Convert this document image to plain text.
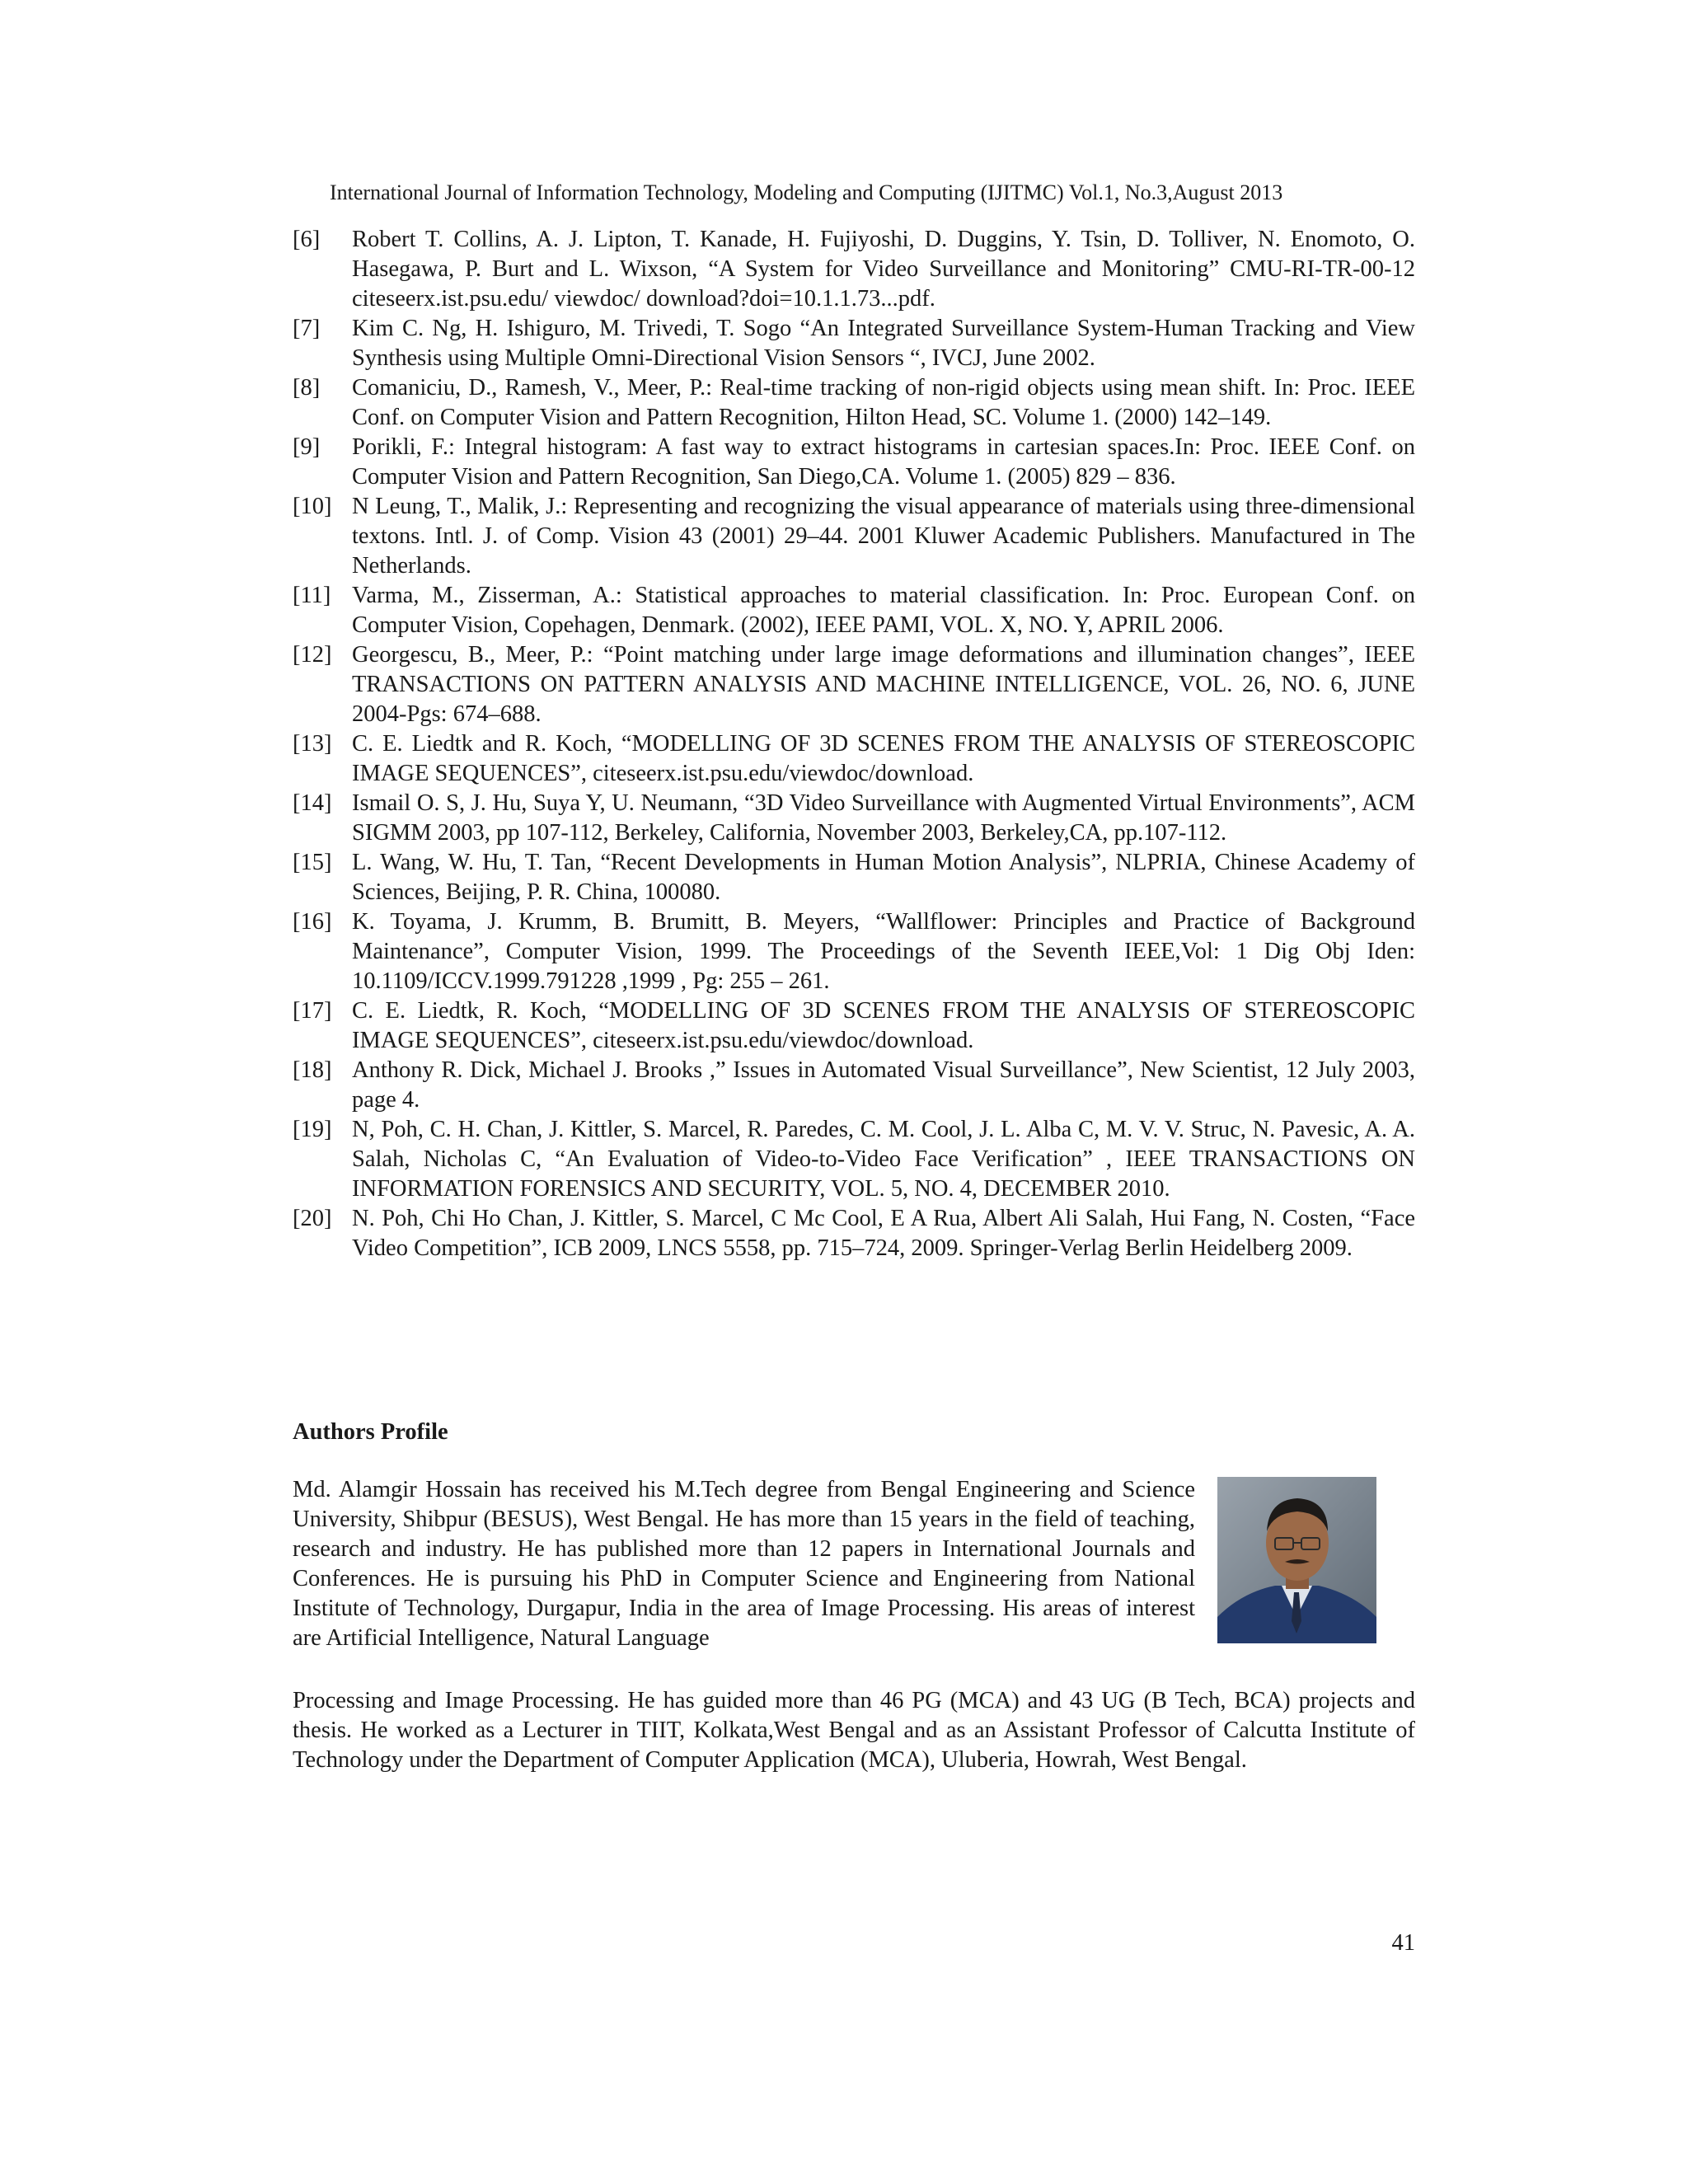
International Journal of Information Technology, Modeling and Computing (IJITMC) Vol.1, No.3,August 2013
[6]	Robert T. Collins, A. J. Lipton, T. Kanade, H. Fujiyoshi, D. Duggins, Y. Tsin, D. Tolliver, N. Enomoto, O. Hasegawa, P. Burt and L. Wixson, “A System for Video Surveillance and Monitoring” CMU-RI-TR-00-12 citeseerx.ist.psu.edu/ viewdoc/ download?doi=10.1.1.73...pdf.
[7]	Kim C. Ng, H. Ishiguro, M. Trivedi, T. Sogo “An Integrated Surveillance System-Human Tracking and View Synthesis using Multiple Omni-Directional Vision Sensors “, IVCJ, June 2002.
[8]	Comaniciu, D., Ramesh, V., Meer, P.: Real-time tracking of non-rigid objects using mean shift. In: Proc. IEEE Conf. on Computer Vision and Pattern Recognition, Hilton Head, SC. Volume 1. (2000) 142–149.
[9]	Porikli, F.: Integral histogram: A fast way to extract histograms in cartesian spaces.In: Proc. IEEE Conf. on Computer Vision and Pattern Recognition, San Diego,CA. Volume 1. (2005) 829 – 836.
[10] N Leung, T., Malik, J.: Representing and recognizing the visual appearance of materials using three-dimensional textons. Intl. J. of Comp. Vision 43 (2001) 29–44. 2001 Kluwer Academic Publishers. Manufactured in The Netherlands.
[11] Varma, M., Zisserman, A.: Statistical approaches to material classification. In: Proc. European Conf. on Computer Vision, Copehagen, Denmark. (2002), IEEE PAMI, VOL. X, NO. Y, APRIL 2006.
[12] Georgescu, B., Meer, P.: “Point matching under large image deformations and illumination changes”, IEEE TRANSACTIONS ON PATTERN ANALYSIS AND MACHINE INTELLIGENCE, VOL. 26, NO. 6, JUNE 2004-Pgs: 674–688.
[13] C. E. Liedtk and R. Koch, “MODELLING OF 3D SCENES FROM THE ANALYSIS OF STEREOSCOPIC IMAGE SEQUENCES”, citeseerx.ist.psu.edu/viewdoc/download.
[14] Ismail O. S, J. Hu, Suya Y, U. Neumann, “3D Video Surveillance with Augmented Virtual Environments”, ACM SIGMM 2003, pp 107-112, Berkeley, California, November 2003, Berkeley,CA, pp.107-112.
[15] L. Wang, W. Hu, T. Tan, “Recent Developments in Human Motion Analysis”, NLPRIA, Chinese Academy of Sciences, Beijing, P. R. China, 100080.
[16] K. Toyama, J. Krumm, B. Brumitt, B. Meyers, “Wallflower: Principles and Practice of Background Maintenance”, Computer Vision, 1999. The Proceedings of the Seventh IEEE,Vol: 1 Dig Obj Iden: 10.1109/ICCV.1999.791228 ,1999 , Pg: 255 – 261.
[17] C. E. Liedtk, R. Koch, “MODELLING OF 3D SCENES FROM THE ANALYSIS OF STEREOSCOPIC IMAGE SEQUENCES”, citeseerx.ist.psu.edu/viewdoc/download.
[18] Anthony R. Dick, Michael J. Brooks ,” Issues in Automated Visual Surveillance”, New Scientist, 12 July 2003, page 4.
[19] N, Poh, C. H. Chan, J. Kittler, S. Marcel, R. Paredes, C. M. Cool, J. L. Alba C, M. V. V. Struc, N. Pavesic, A. A. Salah, Nicholas C, “An Evaluation of Video-to-Video Face Verification” , IEEE TRANSACTIONS ON INFORMATION FORENSICS AND SECURITY, VOL. 5, NO. 4, DECEMBER 2010.
[20] N. Poh, Chi Ho Chan, J. Kittler, S. Marcel, C Mc Cool, E A Rua, Albert Ali Salah, Hui Fang, N. Costen, “Face Video Competition”, ICB 2009, LNCS 5558, pp. 715–724, 2009. Springer-Verlag Berlin Heidelberg 2009.
Authors Profile

Md. Alamgir Hossain has received his M.Tech degree from Bengal Engineering and Science University, Shibpur (BESUS), West Bengal. He has more than 15 years in the field of teaching, research and industry. He has published more than 12 papers in International Journals and Conferences. He is pursuing his PhD in Computer Science and Engineering from National Institute of Technology, Durgapur, India in the area of Image Processing. His areas of interest are Artificial Intelligence, Natural Language

Processing and Image Processing. He has guided more than 46 PG (MCA) and 43 UG (B Tech, BCA) projects and thesis. He worked as a Lecturer in TIIT, Kolkata,West Bengal and as an Assistant Professor of Calcutta Institute of Technology under the Department of Computer Application (MCA), Uluberia, Howrah, West Bengal.

41
